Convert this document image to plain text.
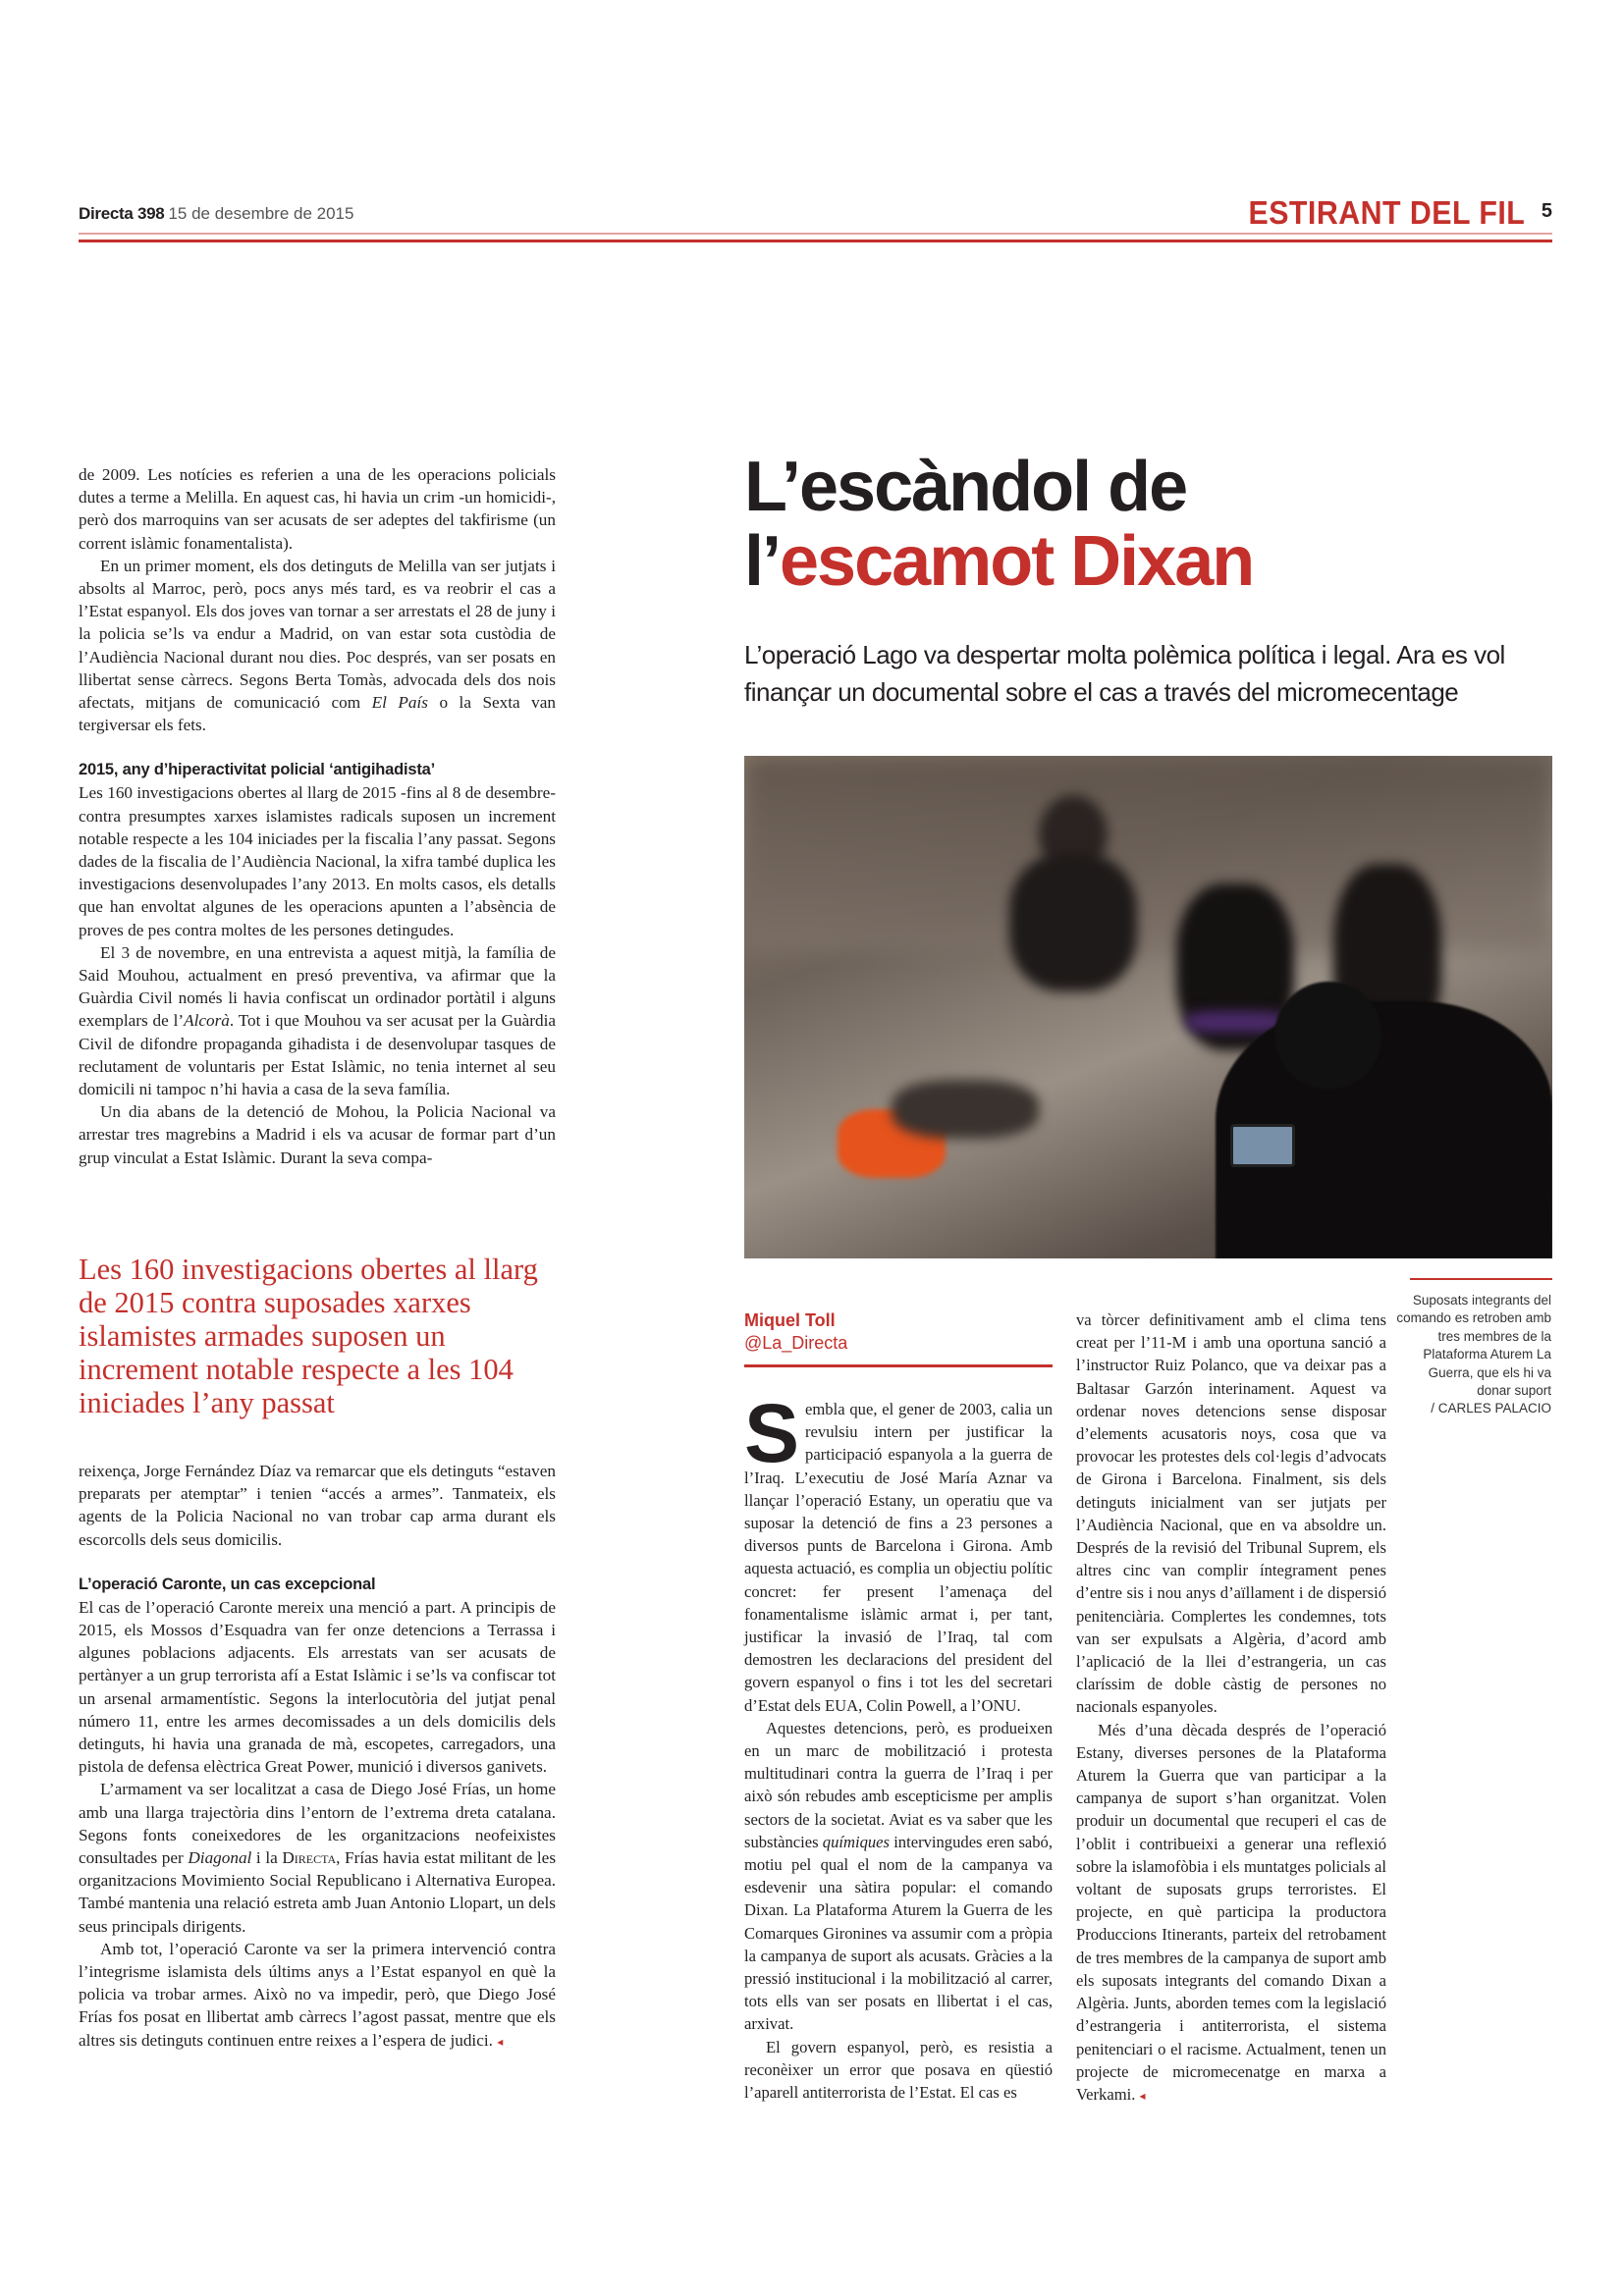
Directa 398 15 de desembre de 2015	ESTIRANT DEL FIL 5

de 2009. Les notícies es referien a una de les operacions policials dutes a terme a Melilla. En aquest cas, hi havia un crim -un homicidi-, però dos marroquins van ser acusats de ser adeptes del takfirisme (un corrent islàmic fonamentalista).

En un primer moment, els dos detinguts de Melilla van ser jutjats i absolts al Marroc, però, pocs anys més tard, es va reobrir el cas a l’Estat espanyol. Els dos joves van tornar a ser arrestats el 28 de juny i la policia se’ls va endur a Madrid, on van estar sota custòdia de l’Audiència Nacional durant nou dies. Poc després, van ser posats en llibertat sense càrrecs. Segons Berta Tomàs, advocada dels dos nois afectats, mitjans de comunicació com El País o la Sexta van tergiversar els fets.

2015, any d’hiperactivitat policial ‘antigihadista’

Les 160 investigacions obertes al llarg de 2015 -fins al 8 de desembre- contra presumptes xarxes islamistes radicals suposen un increment notable respecte a les 104 iniciades per la fiscalia l’any passat. Segons dades de la fiscalia de l’Audiència Nacional, la xifra també duplica les investigacions desenvolupades l’any 2013. En molts casos, els detalls que han envoltat algunes de les operacions apunten a l’absència de proves de pes contra moltes de les persones detingudes.

El 3 de novembre, en una entrevista a aquest mitjà, la família de Said Mouhou, actualment en presó preventiva, va afirmar que la Guàrdia Civil només li havia confiscat un ordinador portàtil i alguns exemplars de l’Alcorà. Tot i que Mouhou va ser acusat per la Guàrdia Civil de difondre propaganda gihadista i de desenvolupar tasques de reclutament de voluntaris per Estat Islàmic, no tenia internet al seu domicili ni tampoc n’hi havia a casa de la seva família.

Un dia abans de la detenció de Mohou, la Policia Nacional va arrestar tres magrebins a Madrid i els va acusar de formar part d’un grup vinculat a Estat Islàmic. Durant la seva compa-

Les 160 investigacions obertes al llarg de 2015 contra suposades xarxes islamistes armades suposen un increment notable respecte a les 104 iniciades l’any passat

reixença, Jorge Fernández Díaz va remarcar que els detinguts “estaven preparats per atemptar” i tenien “accés a armes”. Tanmateix, els agents de la Policia Nacional no van trobar cap arma durant els escorcolls dels seus domicilis.

L’operació Caronte, un cas excepcional

El cas de l’operació Caronte mereix una menció a part. A principis de 2015, els Mossos d’Esquadra van fer onze detencions a Terrassa i algunes poblacions adjacents. Els arrestats van ser acusats de pertànyer a un grup terrorista afí a Estat Islàmic i se’ls va confiscar tot un arsenal armamentístic. Segons la interlocutòria del jutjat penal número 11, entre les armes decomissades a un dels domicilis dels detinguts, hi havia una granada de mà, escopetes, carregadors, una pistola de defensa elèctrica Great Power, munició i diversos ganivets.

L’armament va ser localitzat a casa de Diego José Frías, un home amb una llarga trajectòria dins l’entorn de l’extrema dreta catalana. Segons fonts coneixedores de les organitzacions neofeixistes consultades per Diagonal i la Directa, Frías havia estat militant de les organitzacions Movimiento Social Republicano i Alternativa Europea. També mantenia una relació estreta amb Juan Antonio Llopart, un dels seus principals dirigents.

Amb tot, l’operació Caronte va ser la primera intervenció contra l’integrisme islamista dels últims anys a l’Estat espanyol en què la policia va trobar armes. Això no va impedir, però, que Diego José Frías fos posat en llibertat amb càrrecs l’agost passat, mentre que els altres sis detinguts continuen entre reixes a l’espera de judici. ◂

L’escàndol de
l’escamot Dixan
L’operació Lago va despertar molta polèmica política i legal. Ara es vol finançar un documental sobre el cas a través del micromecentage
Suposats integrants del comando es retroben amb tres membres de la Plataforma Aturem La Guerra, que els hi va donar suport
/ CARLES PALACIO
Miquel Toll
@La_Directa

Sembla que, el gener de 2003, calia un revulsiu intern per justificar la participació espanyola a la guerra de l’Iraq. L’executiu de José María Aznar va llançar l’operació Estany, un operatiu que va suposar la detenció de fins a 23 persones a diversos punts de Barcelona i Girona. Amb aquesta actuació, es complia un objectiu polític concret: fer present l’amenaça del fonamentalisme islàmic armat i, per tant, justificar la invasió de l’Iraq, tal com demostren les declaracions del president del govern espanyol o fins i tot les del secretari d’Estat dels EUA, Colin Powell, a l’ONU.

Aquestes detencions, però, es produeixen en un marc de mobilització i protesta multitudinari contra la guerra de l’Iraq i per això són rebudes amb escepticisme per amplis sectors de la societat. Aviat es va saber que les substàncies químiques intervingudes eren sabó, motiu pel qual el nom de la campanya va esdevenir una sàtira popular: el comando Dixan. La Plataforma Aturem la Guerra de les Comarques Gironines va assumir com a pròpia la campanya de suport als acusats. Gràcies a la pressió institucional i la mobilització al carrer, tots ells van ser posats en llibertat i el cas, arxivat.

El govern espanyol, però, es resistia a reconèixer un error que posava en qüestió l’aparell antiterrorista de l’Estat. El cas es

va tòrcer definitivament amb el clima tens creat per l’11-M i amb una oportuna sanció a l’instructor Ruiz Polanco, que va deixar pas a Baltasar Garzón interinament. Aquest va ordenar noves detencions sense disposar d’elements acusatoris noys, cosa que va provocar les protestes dels col·legis d’advocats de Girona i Barcelona. Finalment, sis dels detinguts inicialment van ser jutjats per l’Audiència Nacional, que en va absoldre un. Després de la revisió del Tribunal Suprem, els altres cinc van complir íntegrament penes d’entre sis i nou anys d’aïllament i de dispersió penitenciària. Complertes les condemnes, tots van ser expulsats a Algèria, d’acord amb l’aplicació de la llei d’estrangeria, un cas claríssim de doble càstig de persones no nacionals espanyoles.

Més d’una dècada després de l’operació Estany, diverses persones de la Plataforma Aturem la Guerra que van participar a la campanya de suport s’han organitzat. Volen produir un documental que recuperi el cas de l’oblit i contribueixi a generar una reflexió sobre la islamofòbia i els muntatges policials al voltant de suposats grups terroristes. El projecte, en què participa la productora Produccions Itinerants, parteix del retrobament de tres membres de la campanya de suport amb els suposats integrants del comando Dixan a Algèria. Junts, aborden temes com la legislació d’estrangeria i antiterrorista, el sistema penitenciari o el racisme. Actualment, tenen un projecte de micromecenatge en marxa a Verkami. ◂
